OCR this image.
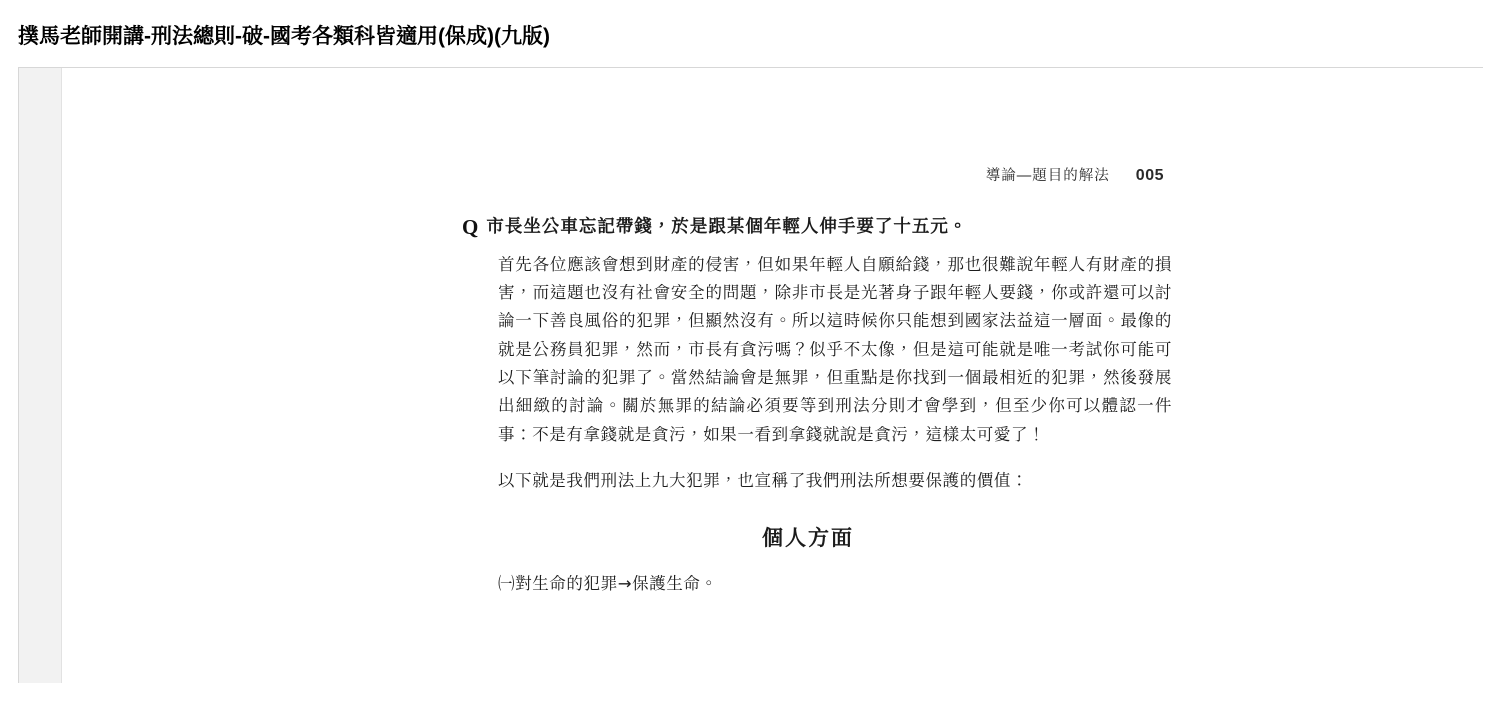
撲馬老師開講-刑法總則-破-國考各類科皆適用(保成)(九版)
導論—題目的解法 005
Q 市長坐公車忘記帶錢，於是跟某個年輕人伸手要了十五元。
首先各位應該會想到財產的侵害，但如果年輕人自願給錢，那也很難說年輕人有財產的損害，而這題也沒有社會安全的問題，除非市長是光著身子跟年輕人要錢，你或許還可以討論一下善良風俗的犯罪，但顯然沒有。所以這時候你只能想到國家法益這一層面。最像的就是公務員犯罪，然而，市長有貪污嗎？似乎不太像，但是這可能就是唯一考試你可能可以下筆討論的犯罪了。當然結論會是無罪，但重點是你找到一個最相近的犯罪，然後發展出細緻的討論。關於無罪的結論必須要等到刑法分則才會學到，但至少你可以體認一件事：不是有拿錢就是貪污，如果一看到拿錢就說是貪污，這樣太可愛了！
以下就是我們刑法上九大犯罪，也宣稱了我們刑法所想要保護的價值：
個人方面
㈠對生命的犯罪→保護生命。
